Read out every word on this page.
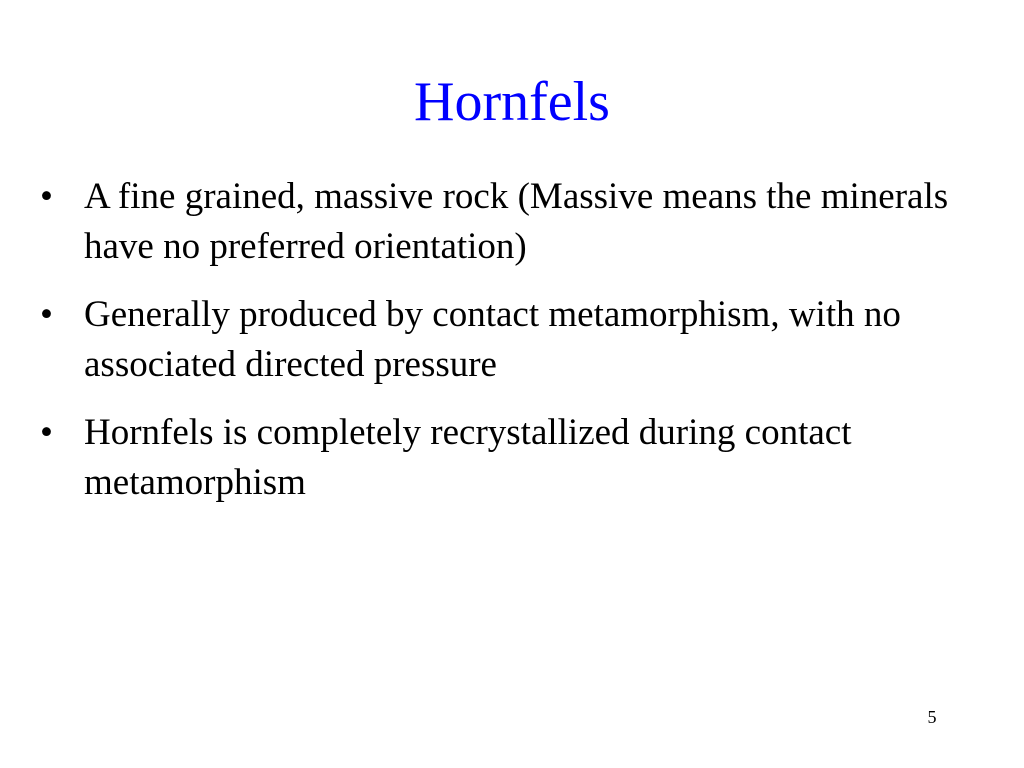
Hornfels
• A fine grained, massive rock (Massive means the minerals have no preferred orientation)
• Generally produced by contact metamorphism, with no associated directed pressure
• Hornfels is completely recrystallized during contact metamorphism
5
